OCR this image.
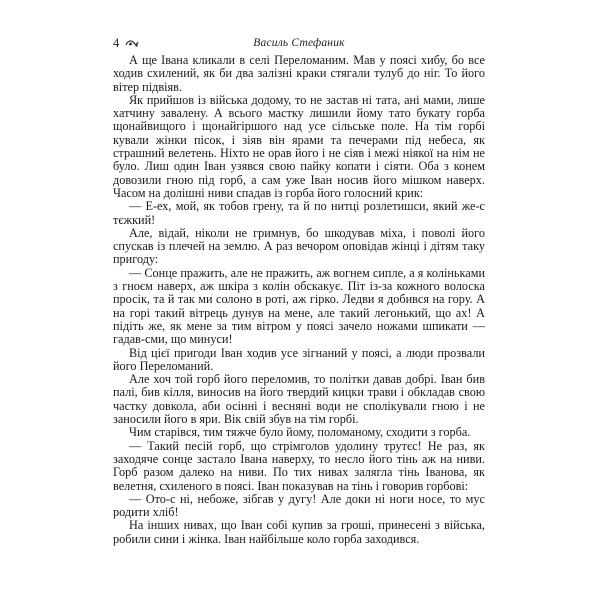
4	Василь Стефаник

А ще Івана кликали в селі Переломаним. Мав у поясі хибу, бо все ходив схилений, як би два залізні краки стягали тулуб до ніг. То його вітер підвіяв.

Як прийшов із війська додому, то не застав ні тата, ані мами, лише хатчину завалену. А всього мастку лишили йому тато букату горба щонайвищого і щонайгіршого над усе сільське поле. На тім горбі кували жінки пісок, і зіяв він ярами та печерами під небеса, як страшний велетень. Ніхто не орав його і не сіяв і межі ніякої на нім не було. Лиш один Іван узявся свою пайку копати і сіяти. Оба з конем довозили гною під горб, а сам уже Іван носив його мішком наверх. Часом на долішні ниви спадав із горба його голосний крик:

— Е-ех, мой, як тобов грену, та й по нитці розлетишси, який же-с тєжкий!

Але, відай, ніколи не гримнув, бо шкодував міха, і поволі його спускав із плечей на землю. А раз вечором оповідав жінці і дітям таку пригоду:

— Сонце пражить, але не пражить, аж вогнем сипле, а я коліньками з гноєм наверх, аж шкіра з колін обскакує. Піт із-за кожного волоска просік, та й так ми солоно в роті, аж гірко. Ледви я добився на гору. А на горі такий вітрець дунув на мене, але такий легонький, що ах! А підіть же, як мене за тим вітром у поясі зачело ножами шпикати — гадав-сми, що минуси!

Від цієї пригоди Іван ходив усе зігнаний у поясі, а люди прозвали його Переломаний.

Але хоч той горб його переломив, то політки давав добрі. Іван бив палі, бив кілля, виносив на його твердий кицки трави і обкладав свою частку довкола, аби осінні і весняні води не сполікували гною і не заносили його в яри. Вік свій збув на тім горбі.

Чим старівся, тим тяжче було йому, поломаному, сходити з горба.

— Такий песій горб, що стрімголов удолину трутєс! Не раз, як заходяче сонце застало Івана наверху, то несло його тінь аж на ниви. Горб разом далеко на ниви. По тих нивах залягла тінь Іванова, як велетня, схиленого в поясі. Іван показував на тінь і говорив горбові:

— Ото-с ні, небоже, зібгав у дугу! Але доки ні ноги носе, то мус родити хліб!

На інших нивах, що Іван собі купив за гроші, принесені з війська, робили сини і жінка. Іван найбільше коло горба заходився.
